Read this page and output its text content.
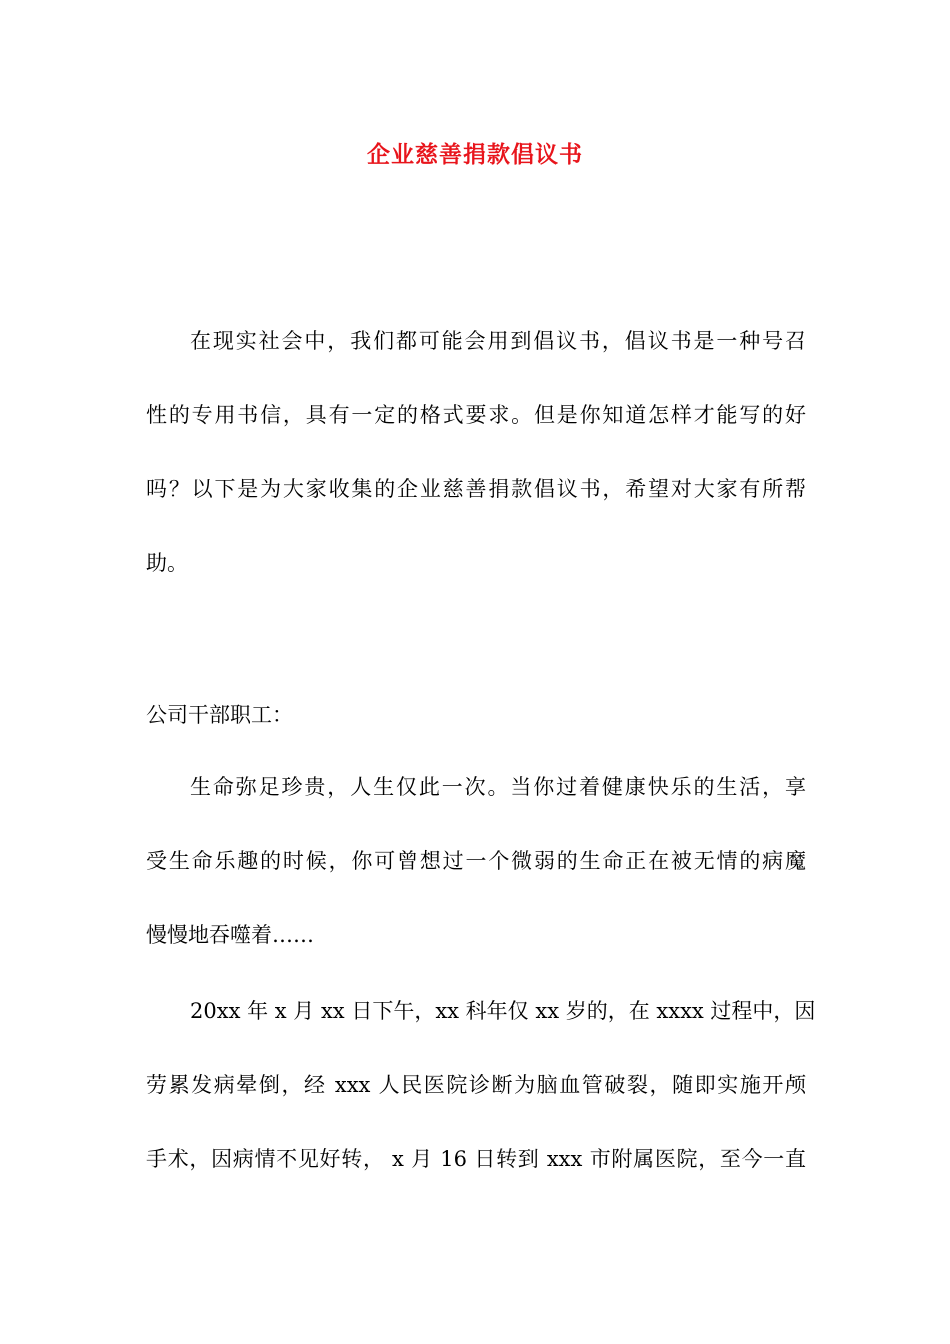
企业慈善捐款倡议书
在现实社会中，我们都可能会用到倡议书，倡议书是一种号召
性的专用书信，具有一定的格式要求。但是你知道怎样才能写的好
吗？以下是为大家收集的企业慈善捐款倡议书，希望对大家有所帮
助。
公司干部职工：
生命弥足珍贵，人生仅此一次。当你过着健康快乐的生活，享
受生命乐趣的时候，你可曾想过一个微弱的生命正在被无情的病魔
慢慢地吞噬着……
20xx 年 x 月 xx 日下午，xx 科年仅 xx 岁的，在 xxxx 过程中，因
劳累发病晕倒，经 xxx 人民医院诊断为脑血管破裂，随即实施开颅
手术，因病情不见好转， x 月 16 日转到 xxx 市附属医院，至今一直
